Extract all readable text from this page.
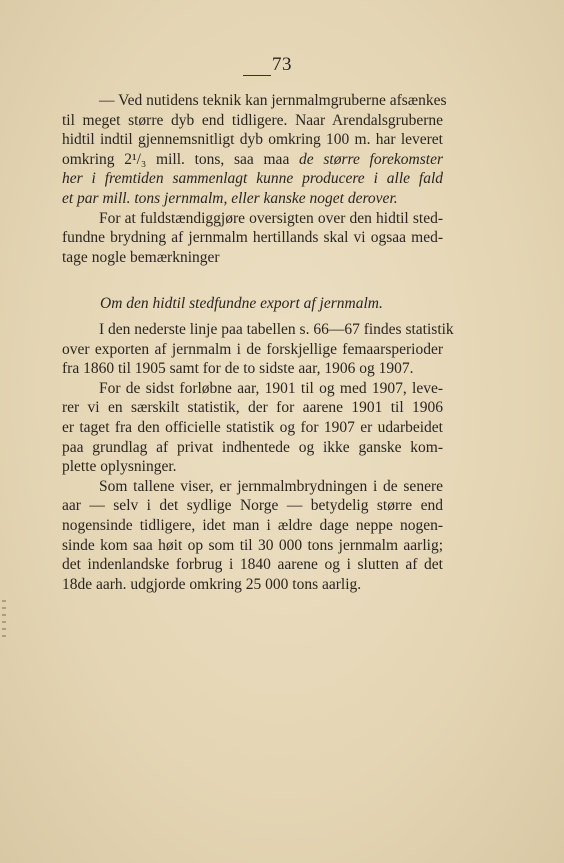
73
— Ved nutidens teknik kan jernmalmgruberne afsænkes
til meget større dyb end tidligere. Naar Arendalsgruberne
hidtil indtil gjennemsnitligt dyb omkring 100 m. har leveret
omkring 2¹/₃ mill. tons, saa maa de større forekomster
her i fremtiden sammenlagt kunne producere i alle fald
et par mill. tons jernmalm, eller kanske noget derover.
For at fuldstændiggjøre oversigten over den hidtil sted-
fundne brydning af jernmalm hertillands skal vi ogsaa med-
tage nogle bemærkninger
Om den hidtil stedfundne export af jernmalm.
I den nederste linje paa tabellen s. 66—67 findes statistik
over exporten af jernmalm i de forskjellige femaarsperioder
fra 1860 til 1905 samt for de to sidste aar, 1906 og 1907.
For de sidst forløbne aar, 1901 til og med 1907, leve-
rer vi en særskilt statistik, der for aarene 1901 til 1906
er taget fra den officielle statistik og for 1907 er udarbeidet
paa grundlag af privat indhentede og ikke ganske kom-
plette oplysninger.
Som tallene viser, er jernmalmbrydningen i de senere
aar — selv i det sydlige Norge — betydelig større end
nogensinde tidligere, idet man i ældre dage neppe nogen-
sinde kom saa høit op som til 30 000 tons jernmalm aarlig;
det indenlandske forbrug i 1840 aarene og i slutten af det
18de aarh. udgjorde omkring 25 000 tons aarlig.
